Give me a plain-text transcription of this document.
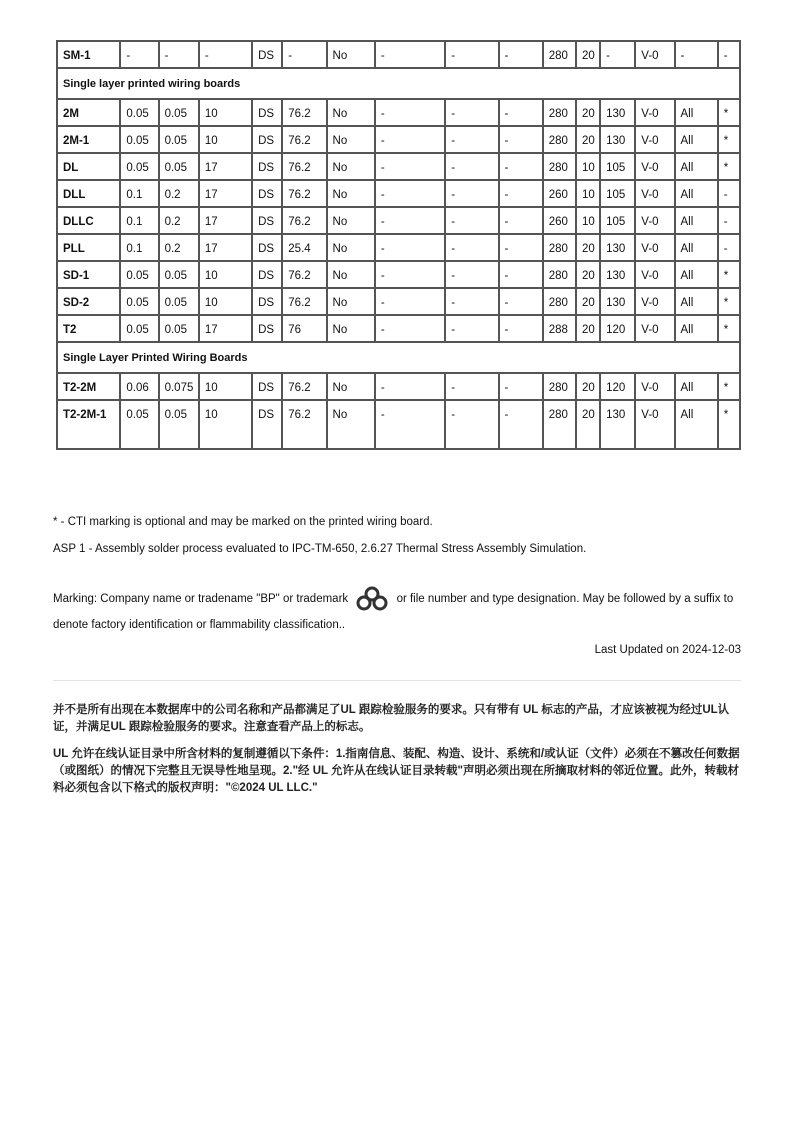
SM-1	-	-	-	DS	-	No	-	-	-	280	20	-	V-0	-	-
Single layer printed wiring boards															
2M	0.05	0.05	10	DS	76.2	No	-	-	-	280	20	130	V-0	All	*
2M-1	0.05	0.05	10	DS	76.2	No	-	-	-	280	20	130	V-0	All	*
DL	0.05	0.05	17	DS	76.2	No	-	-	-	280	10	105	V-0	All	*
DLL	0.1	0.2	17	DS	76.2	No	-	-	-	260	10	105	V-0	All	-
DLLC	0.1	0.2	17	DS	76.2	No	-	-	-	260	10	105	V-0	All	-
PLL	0.1	0.2	17	DS	25.4	No	-	-	-	280	20	130	V-0	All	-
SD-1	0.05	0.05	10	DS	76.2	No	-	-	-	280	20	130	V-0	All	*
SD-2	0.05	0.05	10	DS	76.2	No	-	-	-	280	20	130	V-0	All	*
T2	0.05	0.05	17	DS	76	No	-	-	-	288	20	120	V-0	All	*
Single Layer Printed Wiring Boards															
T2-2M	0.06	0.075	10	DS	76.2	No	-	-	-	280	20	120	V-0	All	*
T2-2M-1	0.05	0.05	10	DS	76.2	No	-	-	-	280	20	130	V-0	All	*
* - CTI marking is optional and may be marked on the printed wiring board.
ASP 1 - Assembly solder process evaluated to IPC-TM-650, 2.6.27 Thermal Stress Assembly Simulation.
Marking: Company name or tradename "BP" or trademark	or file number and type designation. May be followed by a suffix to denote factory identification or flammability classification..
Last Updated on 2024-12-03
并不是所有出现在本数据库中的公司名称和产品都满足了UL 跟踪检验服务的要求。只有带有 UL 标志的产品，才应该被视为经过UL认证，并满足UL 跟踪检验服务的要求。注意查看产品上的标志。
UL 允许在线认证目录中所含材料的复制遵循以下条件：1.指南信息、装配、构造、设计、系统和/或认证（文件）必须在不篡改任何数据（或图纸）的情况下完整且无误导性地呈现。2."经 UL 允许从在线认证目录转载"声明必须出现在所摘取材料的邻近位置。此外，转载材料必须包含以下格式的版权声明："©2024 UL LLC."
